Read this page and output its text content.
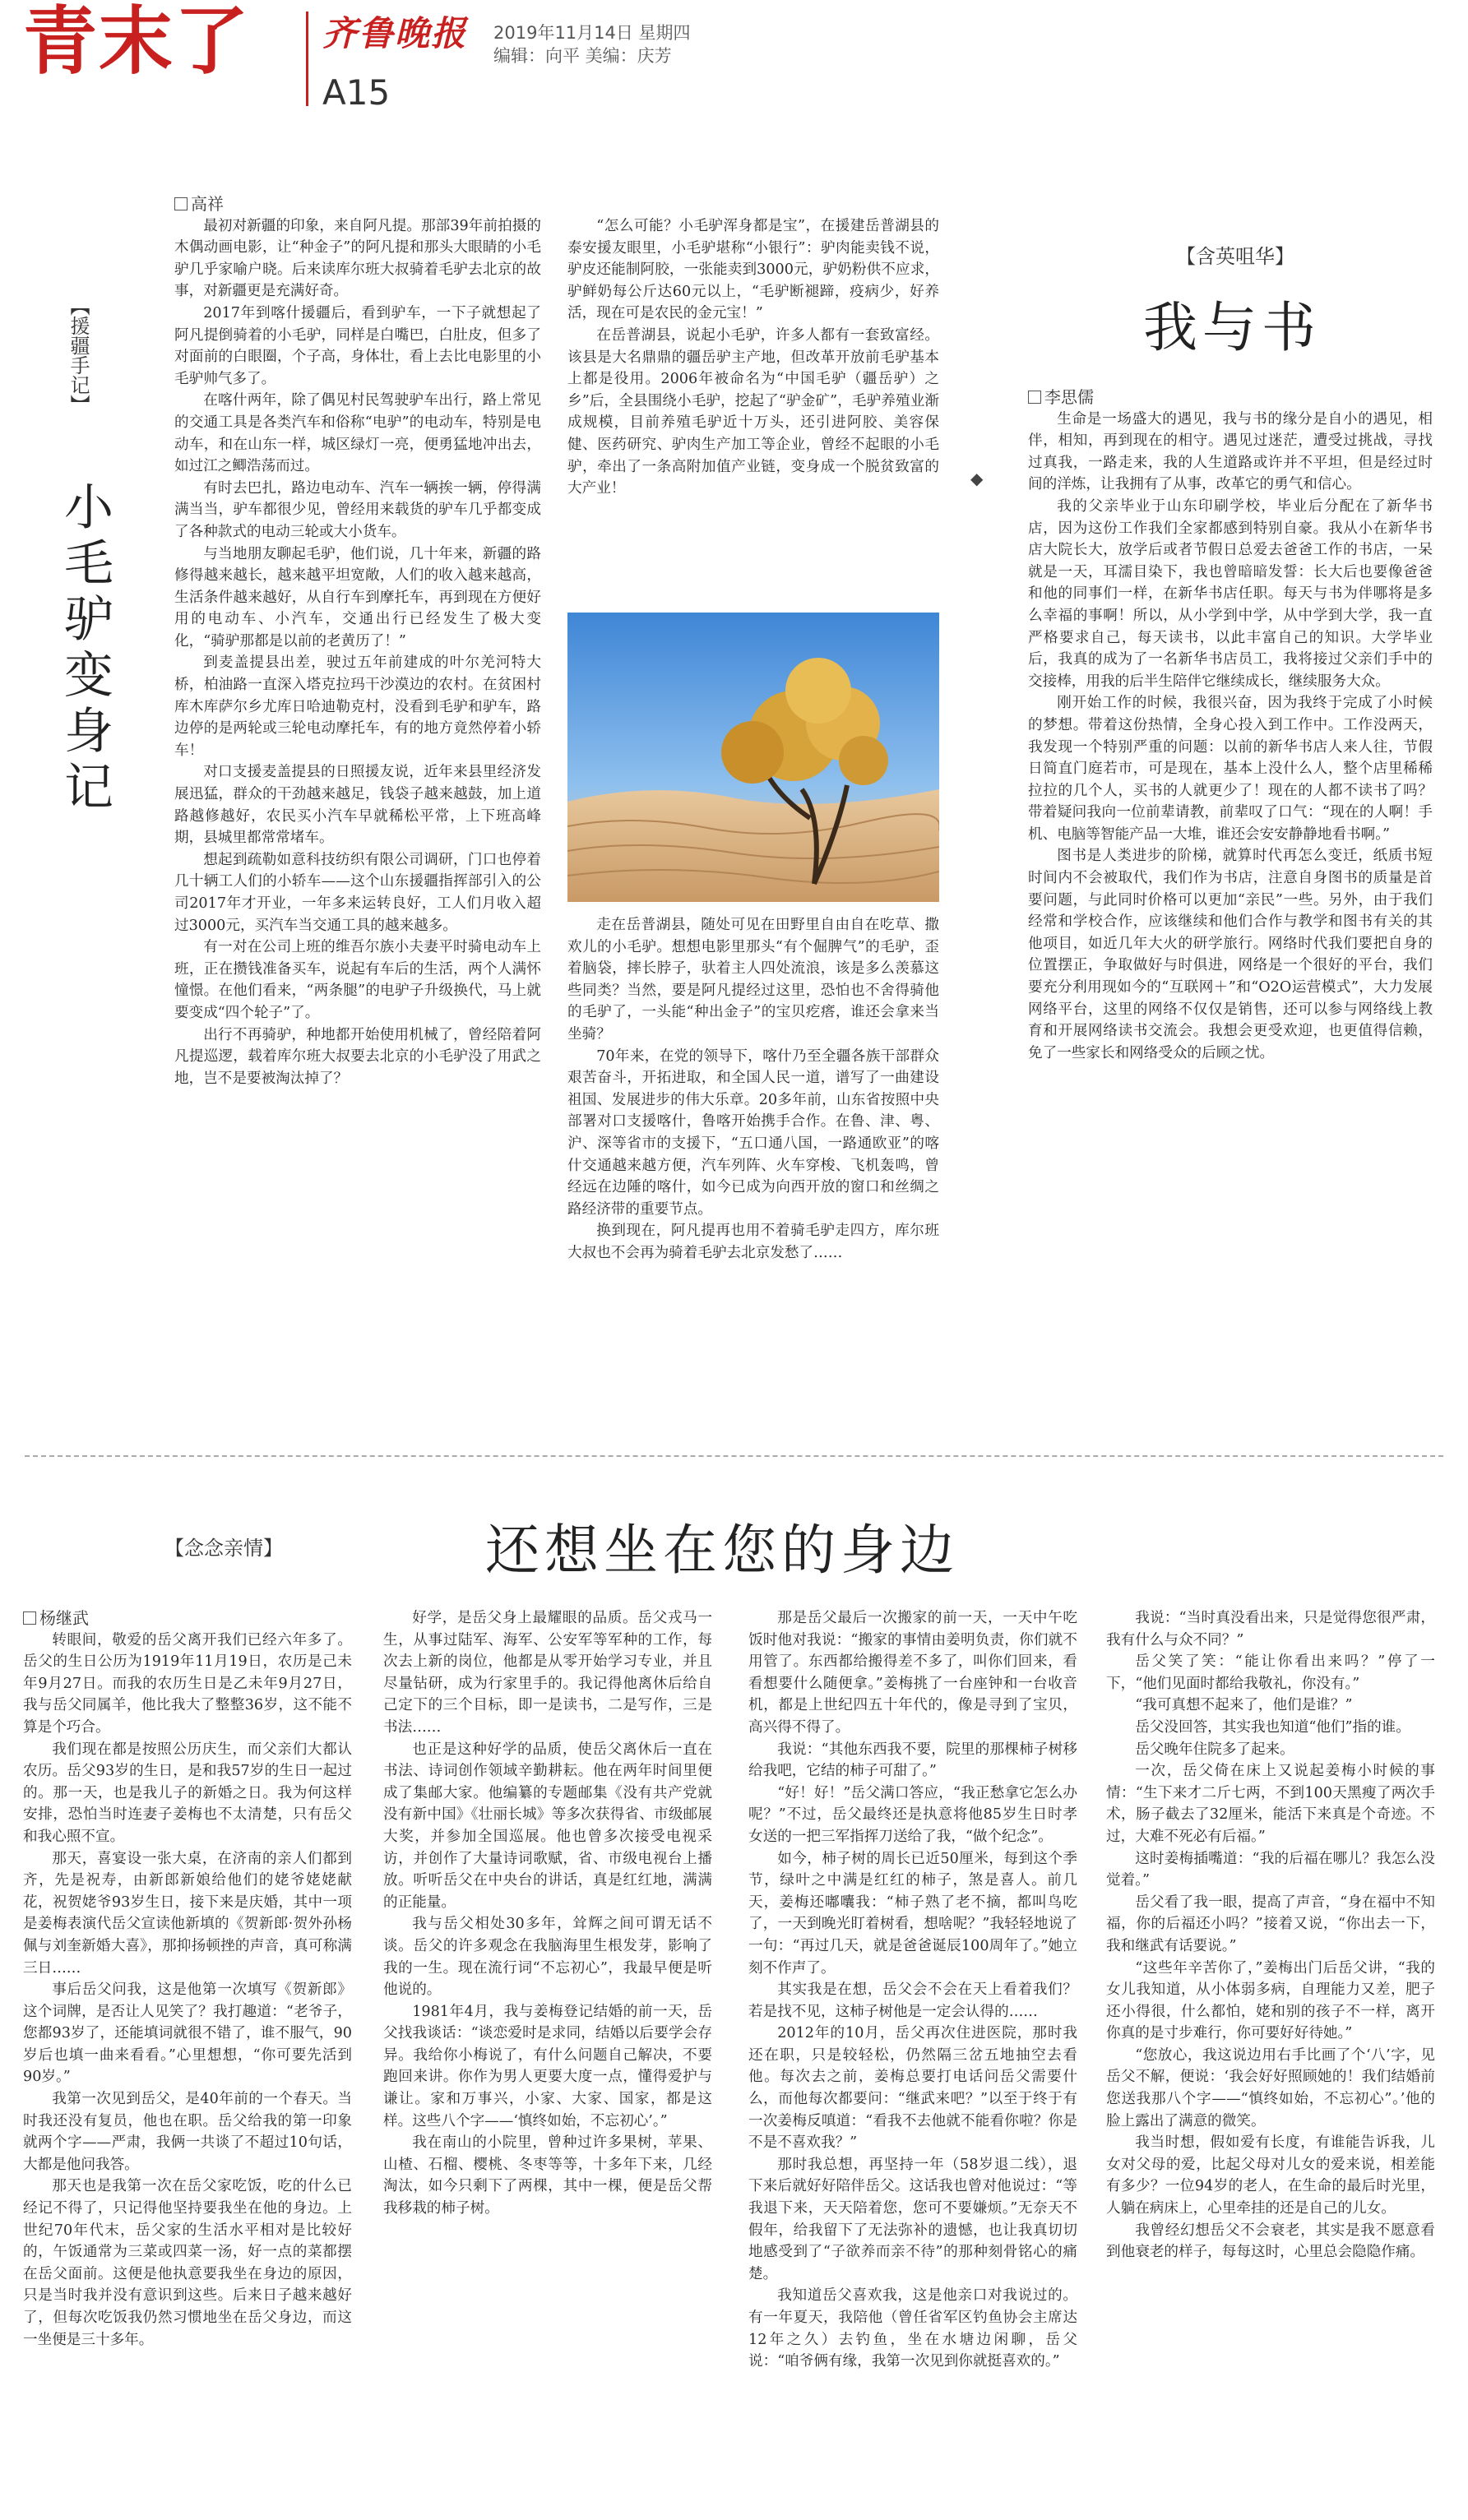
青末了 齐鲁晚报
A15
2019年11月14日 星期四
编辑：向平 美编：庆芳
【援疆手记】
小毛驴变身记

高祥

最初对新疆的印象，来自阿凡提。那部39年前拍摄的木偶动画电影，让“种金子”的阿凡提和那头大眼睛的小毛驴几乎家喻户晓。后来读库尔班大叔骑着毛驴去北京的故事，对新疆更是充满好奇。

2017年到喀什援疆后，看到驴车，一下子就想起了阿凡提倒骑着的小毛驴，同样是白嘴巴，白肚皮，但多了对面前的白眼圈，个子高，身体壮，看上去比电影里的小毛驴帅气多了。

在喀什两年，除了偶见村民驾驶驴车出行，路上常见的交通工具是各类汽车和俗称“电驴”的电动车，特别是电动车，和在山东一样，城区绿灯一亮，便勇猛地冲出去，如过江之鲫浩荡而过。

有时去巴扎，路边电动车、汽车一辆挨一辆，停得满满当当，驴车都很少见，曾经用来载货的驴车几乎都变成了各种款式的电动三轮或大小货车。

与当地朋友聊起毛驴，他们说，几十年来，新疆的路修得越来越长，越来越平坦宽敞，人们的收入越来越高，生活条件越来越好，从自行车到摩托车，再到现在方便好用的电动车、小汽车，交通出行已经发生了极大变化，“骑驴那都是以前的老黄历了！”

到麦盖提县出差，驶过五年前建成的叶尔羌河特大桥，柏油路一直深入塔克拉玛干沙漠边的农村。在贫困村库木库萨尔乡尤库日哈迪勒克村，没看到毛驴和驴车，路边停的是两轮或三轮电动摩托车，有的地方竟然停着小轿车！

对口支援麦盖提县的日照援友说，近年来县里经济发展迅猛，群众的干劲越来越足，钱袋子越来越鼓，加上道路越修越好，农民买小汽车早就稀松平常，上下班高峰期，县城里都常常堵车。

想起到疏勒如意科技纺织有限公司调研，门口也停着几十辆工人们的小轿车——这个山东援疆指挥部引入的公司2017年才开业，一年多来运转良好，工人们月收入超过3000元，买汽车当交通工具的越来越多。

有一对在公司上班的维吾尔族小夫妻平时骑电动车上班，正在攒钱准备买车，说起有车后的生活，两个人满怀憧憬。在他们看来，“两条腿”的电驴子升级换代，马上就要变成“四个轮子”了。

出行不再骑驴，种地都开始使用机械了，曾经陪着阿凡提巡逻，载着库尔班大叔要去北京的小毛驴没了用武之地，岂不是要被淘汰掉了？

“怎么可能？小毛驴浑身都是宝”，在援建岳普湖县的泰安援友眼里，小毛驴堪称“小银行”：驴肉能卖钱不说，驴皮还能制阿胶，一张能卖到3000元，驴奶粉供不应求，驴鲜奶每公斤达60元以上，“毛驴断褪蹄，疫病少，好养活，现在可是农民的金元宝！”

在岳普湖县，说起小毛驴，许多人都有一套致富经。该县是大名鼎鼎的疆岳驴主产地，但改革开放前毛驴基本上都是役用。2006年被命名为“中国毛驴（疆岳驴）之乡”后，全县围绕小毛驴，挖起了“驴金矿”，毛驴养殖业渐成规模，目前养殖毛驴近十万头，还引进阿胶、美容保健、医药研究、驴肉生产加工等企业，曾经不起眼的小毛驴，牵出了一条高附加值产业链，变身成一个脱贫致富的大产业！

走在岳普湖县，随处可见在田野里自由自在吃草、撒欢儿的小毛驴。想想电影里那头“有个倔脾气”的毛驴，歪着脑袋，摔长脖子，驮着主人四处流浪，该是多么羡慕这些同类？当然，要是阿凡提经过这里，恐怕也不舍得骑他的毛驴了，一头能“种出金子”的宝贝疙瘩，谁还会拿来当坐骑？

70年来，在党的领导下，喀什乃至全疆各族干部群众艰苦奋斗，开拓进取，和全国人民一道，谱写了一曲建设祖国、发展进步的伟大乐章。20多年前，山东省按照中央部署对口支援喀什，鲁喀开始携手合作。在鲁、津、粤、沪、深等省市的支援下，“五口通八国，一路通欧亚”的喀什交通越来越方便，汽车列阵、火车穿梭、飞机轰鸣，曾经远在边陲的喀什，如今已成为向西开放的窗口和丝绸之路经济带的重要节点。

换到现在，阿凡提再也用不着骑毛驴走四方，库尔班大叔也不会再为骑着毛驴去北京发愁了……

【含英咀华】
我与书
◆

李思儒

生命是一场盛大的遇见，我与书的缘分是自小的遇见，相伴，相知，再到现在的相守。遇见过迷茫，遭受过挑战，寻找过真我，一路走来，我的人生道路或许并不平坦，但是经过时间的洋炼，让我拥有了从事，改革它的勇气和信心。

我的父亲毕业于山东印刷学校，毕业后分配在了新华书店，因为这份工作我们全家都感到特别自豪。我从小在新华书店大院长大，放学后或者节假日总爱去爸爸工作的书店，一呆就是一天，耳濡目染下，我也曾暗暗发誓：长大后也要像爸爸和他的同事们一样，在新华书店任职。每天与书为伴哪将是多么幸福的事啊！所以，从小学到中学，从中学到大学，我一直严格要求自己，每天读书，以此丰富自己的知识。大学毕业后，我真的成为了一名新华书店员工，我将接过父亲们手中的交接棒，用我的后半生陪伴它继续成长，继续服务大众。

刚开始工作的时候，我很兴奋，因为我终于完成了小时候的梦想。带着这份热情，全身心投入到工作中。工作没两天，我发现一个特别严重的问题：以前的新华书店人来人往，节假日简直门庭若市，可是现在，基本上没什么人，整个店里稀稀拉拉的几个人，买书的人就更少了！现在的人都不读书了吗？带着疑问我向一位前辈请教，前辈叹了口气：“现在的人啊！手机、电脑等智能产品一大堆，谁还会安安静静地看书啊。”

图书是人类进步的阶梯，就算时代再怎么变迁，纸质书短时间内不会被取代，我们作为书店，注意自身图书的质量是首要问题，与此同时价格可以更加“亲民”一些。另外，由于我们经常和学校合作，应该继续和他们合作与教学和图书有关的其他项目，如近几年大火的研学旅行。网络时代我们要把自身的位置摆正，争取做好与时俱进，网络是一个很好的平台，我们要充分利用现如今的“互联网＋”和“O2O运营模式”，大力发展网络平台，这里的网络不仅仅是销售，还可以参与网络线上教育和开展网络读书交流会。我想会更受欢迎，也更值得信赖，免了一些家长和网络受众的后顾之忧。

【念念亲情】	还想坐在您的身边

杨继武

转眼间，敬爱的岳父离开我们已经六年多了。岳父的生日公历为1919年11月19日，农历是己未年9月27日。而我的农历生日是乙未年9月27日，我与岳父同属羊，他比我大了整整36岁，这不能不算是个巧合。

我们现在都是按照公历庆生，而父亲们大都认农历。岳父93岁的生日，是和我57岁的生日一起过的。那一天，也是我儿子的新婚之日。我为何这样安排，恐怕当时连妻子姜梅也不太清楚，只有岳父和我心照不宣。

那天，喜宴设一张大桌，在济南的亲人们都到齐，先是祝寿，由新郎新娘给他们的姥爷姥姥献花，祝贺姥爷93岁生日，接下来是庆婚，其中一项是姜梅表演代岳父宣读他新填的《贺新郎·贺外孙杨佩与刘奎新婚大喜》，那抑扬顿挫的声音，真可称满三日……

事后岳父问我，这是他第一次填写《贺新郎》这个词牌，是否让人见笑了？我打趣道：“老爷子，您都93岁了，还能填词就很不错了，谁不服气，90岁后也填一曲来看看。”心里想想，“你可要先活到90岁。”

我第一次见到岳父，是40年前的一个春天。当时我还没有复员，他也在职。岳父给我的第一印象就两个字——严肃，我俩一共谈了不超过10句话，大都是他问我答。

那天也是我第一次在岳父家吃饭，吃的什么已经记不得了，只记得他坚持要我坐在他的身边。上世纪70年代末，岳父家的生活水平相对是比较好的，午饭通常为三菜或四菜一汤，好一点的菜都摆在岳父面前。这便是他执意要我坐在身边的原因，只是当时我并没有意识到这些。后来日子越来越好了，但每次吃饭我仍然习惯地坐在岳父身边，而这一坐便是三十多年。

好学，是岳父身上最耀眼的品质。岳父戎马一生，从事过陆军、海军、公安军等军种的工作，每次去上新的岗位，他都是从零开始学习专业，并且尽量钻研，成为行家里手的。我记得他离休后给自己定下的三个目标，即一是读书，二是写作，三是书法……

也正是这种好学的品质，使岳父离休后一直在书法、诗词创作领域辛勤耕耘。他在两年时间里便成了集邮大家。他编纂的专题邮集《没有共产党就没有新中国》《壮丽长城》等多次获得省、市级邮展大奖，并参加全国巡展。他也曾多次接受电视采访，并创作了大量诗词歌赋，省、市级电视台上播放。听听岳父在中央台的讲话，真是红红地，满满的正能量。

我与岳父相处30多年，耸辉之间可谓无话不谈。岳父的许多观念在我脑海里生根发芽，影响了我的一生。现在流行词“不忘初心”，我最早便是听他说的。

1981年4月，我与姜梅登记结婚的前一天，岳父找我谈话：“谈恋爱时是求同，结婚以后要学会存异。我给你小梅说了，有什么问题自己解决，不要跑回来讲。你作为男人更要大度一点，懂得爱护与谦让。家和万事兴，小家、大家、国家，都是这样。这些八个字——‘慎终如始，不忘初心’。”

我在南山的小院里，曾种过许多果树，苹果、山楂、石榴、樱桃、冬枣等等，十多年下来，几经淘汰，如今只剩下了两棵，其中一棵，便是岳父帮我移栽的柿子树。

那是岳父最后一次搬家的前一天，一天中午吃饭时他对我说：“搬家的事情由姜明负责，你们就不用管了。东西都给搬得差不多了，叫你们回来，看看想要什么随便拿。”姜梅挑了一台座钟和一台收音机，都是上世纪四五十年代的，像是寻到了宝贝，高兴得不得了。

我说：“其他东西我不要，院里的那棵柿子树移给我吧，它结的柿子可甜了。”

“好！好！”岳父满口答应，“我正愁拿它怎么办呢？”不过，岳父最终还是执意将他85岁生日时孝女送的一把三军指挥刀送给了我，“做个纪念”。

如今，柿子树的周长已近50厘米，每到这个季节，绿叶之中满是红红的柿子，煞是喜人。前几天，姜梅还嘟囔我：“柿子熟了老不摘，都叫鸟吃了，一天到晚光盯着树看，想啥呢？”我轻轻地说了一句：“再过几天，就是爸爸诞辰100周年了。”她立刻不作声了。

其实我是在想，岳父会不会在天上看着我们？若是找不见，这柿子树他是一定会认得的……

2012年的10月，岳父再次住进医院，那时我还在职，只是较轻松，仍然隔三岔五地抽空去看他。每次去之前，姜梅总要打电话问岳父需要什么，而他每次都要问：“继武来吧？”以至于终于有一次姜梅反嗔道：“看我不去他就不能看你啦？你是不是不喜欢我？”

那时我总想，再坚持一年（58岁退二线），退下来后就好好陪伴岳父。这话我也曾对他说过：“等我退下来，天天陪着您，您可不要嫌烦。”无奈天不假年，给我留下了无法弥补的遗憾，也让我真切切地感受到了“子欲养而亲不待”的那种刻骨铭心的痛楚。

我知道岳父喜欢我，这是他亲口对我说过的。有一年夏天，我陪他（曾任省军区钓鱼协会主席达12年之久）去钓鱼，坐在水塘边闲聊，岳父说：“咱爷俩有缘，我第一次见到你就挺喜欢的。”

我说：“当时真没看出来，只是觉得您很严肃，我有什么与众不同？”

岳父笑了笑：“能让你看出来吗？”停了一下，“他们见面时都给我敬礼，你没有。”

“我可真想不起来了，他们是谁？”

岳父没回答，其实我也知道“他们”指的谁。

岳父晚年住院多了起来。

一次，岳父倚在床上又说起姜梅小时候的事情：“生下来才二斤七两，不到100天黑瘦了两次手术，肠子截去了32厘米，能活下来真是个奇迹。不过，大难不死必有后福。”

这时姜梅插嘴道：“我的后福在哪儿？我怎么没觉着。”

岳父看了我一眼，提高了声音，“身在福中不知福，你的后福还小吗？”接着又说，“你出去一下，我和继武有话要说。”

“这些年辛苦你了，”姜梅出门后岳父讲，“我的女儿我知道，从小体弱多病，自理能力又差，肥子还小得很，什么都怕，姥和别的孩子不一样，离开你真的是寸步难行，你可要好好待她。”

“您放心，我这说边用右手比画了个‘八’字，见岳父不解，便说：‘我会好好照顾她的！我们结婚前您送我那八个字——“慎终如始，不忘初心”。’他的脸上露出了满意的微笑。

我当时想，假如爱有长度，有谁能告诉我，儿女对父母的爱，比起父母对儿女的爱来说，相差能有多少？一位94岁的老人，在生命的最后时光里，人躺在病床上，心里牵挂的还是自己的儿女。

我曾经幻想岳父不会衰老，其实是我不愿意看到他衰老的样子，每每这时，心里总会隐隐作痛。
